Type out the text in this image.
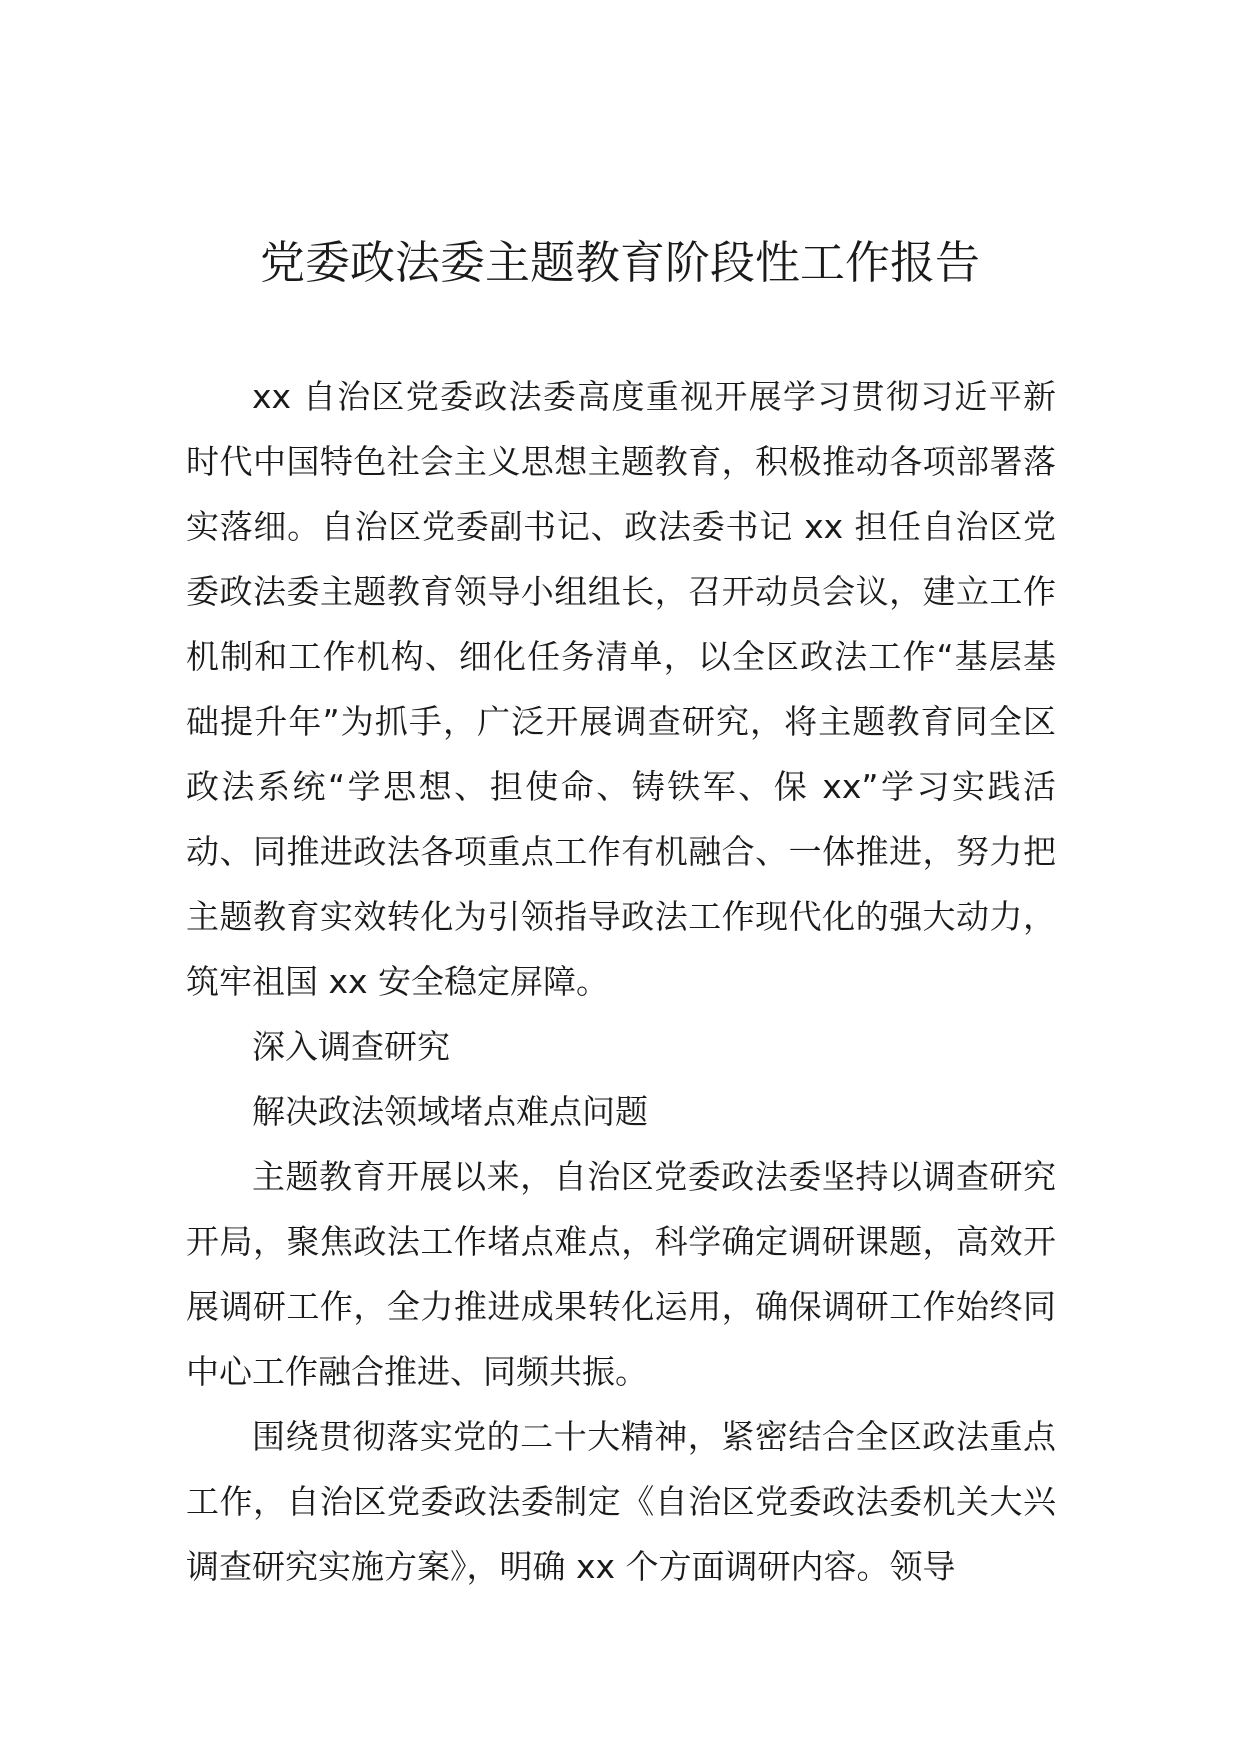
党委政法委主题教育阶段性工作报告

xx 自治区党委政法委高度重视开展学习贯彻习近平新时代中国特色社会主义思想主题教育，积极推动各项部署落实落细。自治区党委副书记、政法委书记 xx 担任自治区党委政法委主题教育领导小组组长，召开动员会议，建立工作机制和工作机构、细化任务清单，以全区政法工作“基层基础提升年”为抓手，广泛开展调查研究，将主题教育同全区政法系统“学思想、担使命、铸铁军、保 xx”学习实践活动、同推进政法各项重点工作有机融合、一体推进，努力把主题教育实效转化为引领指导政法工作现代化的强大动力，筑牢祖国 xx 安全稳定屏障。

深入调查研究

解决政法领域堵点难点问题

主题教育开展以来，自治区党委政法委坚持以调查研究开局，聚焦政法工作堵点难点，科学确定调研课题，高效开展调研工作，全力推进成果转化运用，确保调研工作始终同中心工作融合推进、同频共振。

围绕贯彻落实党的二十大精神，紧密结合全区政法重点工作，自治区党委政法委制定《自治区党委政法委机关大兴调查研究实施方案》，明确 xx 个方面调研内容。领导
